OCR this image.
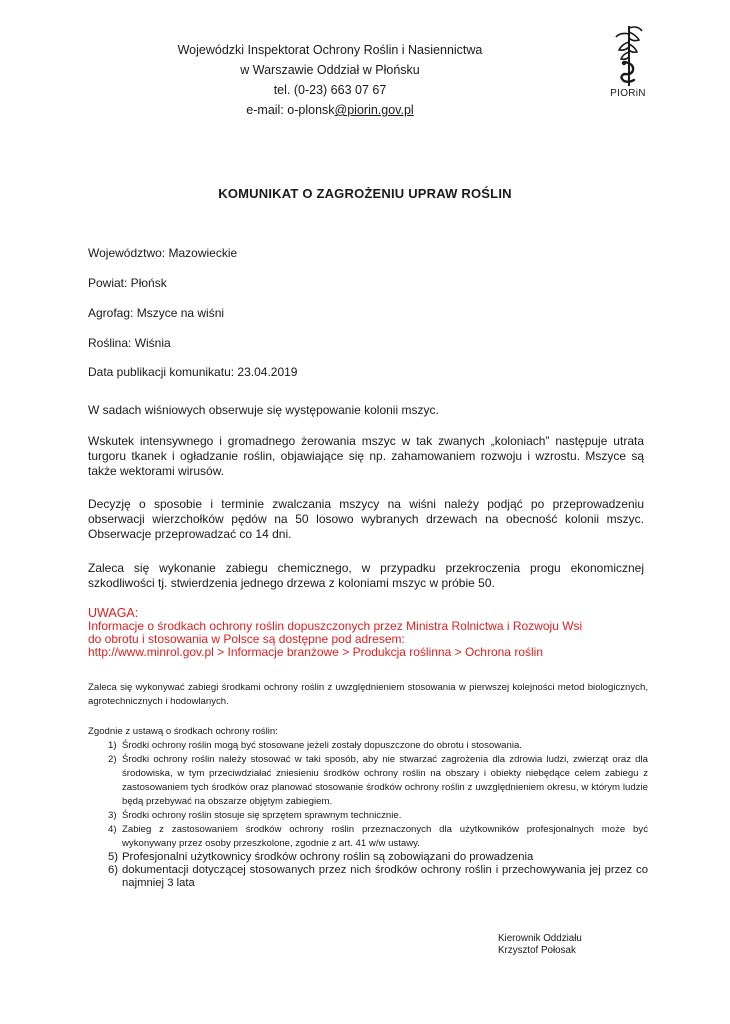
Wojewódzki Inspektorat Ochrony Roślin i Nasiennictwa
w Warszawie Oddział w Płońsku
tel. (0-23) 663 07 67
e-mail: o-plonsk@piorin.gov.pl
PIORiN
KOMUNIKAT O ZAGROŻENIU UPRAW ROŚLIN
Województwo: Mazowieckie
Powiat: Płońsk
Agrofag: Mszyce na wiśni
Roślina: Wiśnia
Data publikacji komunikatu: 23.04.2019
W sadach wiśniowych obserwuje się występowanie kolonii mszyc.
Wskutek intensywnego i gromadnego żerowania mszyc w tak zwanych „koloniach” następuje utrata turgoru tkanek i ogładzanie roślin, objawiające się np. zahamowaniem rozwoju i wzrostu. Mszyce są także wektorami wirusów.
Decyzję o sposobie i terminie zwalczania mszycy na wiśni należy podjąć po przeprowadzeniu obserwacji wierzchołków pędów na 50 losowo wybranych drzewach na obecność kolonii mszyc. Obserwacje przeprowadzać co 14 dni.
Zaleca się wykonanie zabiegu chemicznego, w przypadku przekroczenia progu ekonomicznej szkodliwości tj. stwierdzenia jednego drzewa z koloniami mszyc w próbie 50.
UWAGA:
Informacje o środkach ochrony roślin dopuszczonych przez Ministra Rolnictwa i Rozwoju Wsi
do obrotu i stosowania w Polsce są dostępne pod adresem:
http://www.minrol.gov.pl > Informacje branżowe > Produkcja roślinna > Ochrona roślin
Zaleca się wykonywać zabiegi środkami ochrony roślin z uwzględnieniem stosowania w pierwszej kolejności metod biologicznych, agrotechnicznych i hodowlanych.
Zgodnie z ustawą o środkach ochrony roślin:
1) Środki ochrony roślin mogą być stosowane jeżeli zostały dopuszczone do obrotu i stosowania.
2) Środki ochrony roślin należy stosować w taki sposób, aby nie stwarzać zagrożenia dla zdrowia ludzi, zwierząt oraz dla środowiska, w tym przeciwdziałać zniesieniu środków ochrony roślin na obszary i obiekty niebędące celem zabiegu z zastosowaniem tych środków oraz planować stosowanie środków ochrony roślin z uwzględnieniem okresu, w którym ludzie będą przebywać na obszarze objętym zabiegiem.
3) Środki ochrony roślin stosuje się sprzętem sprawnym technicznie.
4) Zabieg z zastosowaniem środków ochrony roślin przeznaczonych dla użytkowników profesjonalnych może być wykonywany przez osoby przeszkolone, zgodnie z art. 41 w/w ustawy.
5) Profesjonalni użytkownicy środków ochrony roślin są zobowiązani do prowadzenia
6) dokumentacji dotyczącej stosowanych przez nich środków ochrony roślin i przechowywania jej przez co najmniej 3 lata
Kierownik Oddziału
Krzysztof Połosak
